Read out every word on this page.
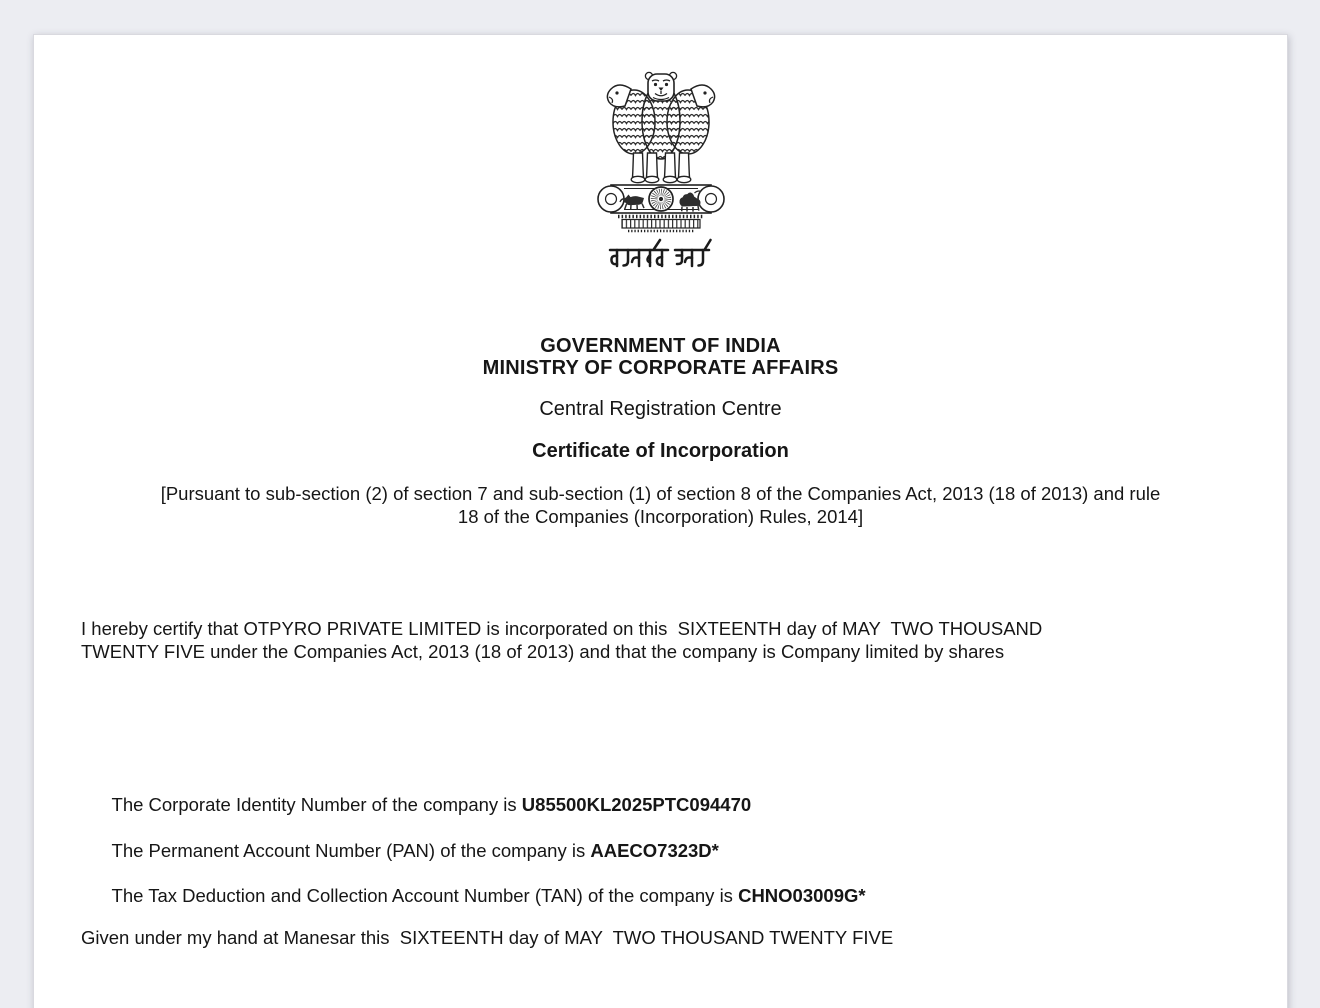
GOVERNMENT OF INDIA
MINISTRY OF CORPORATE AFFAIRS
Central Registration Centre
Certificate of Incorporation
[Pursuant to sub-section (2) of section 7 and sub-section (1) of section 8 of the Companies Act, 2013 (18 of 2013) and rule
18 of the Companies (Incorporation) Rules, 2014]
I hereby certify that OTPYRO PRIVATE LIMITED is incorporated on this  SIXTEENTH day of MAY  TWO THOUSAND
TWENTY FIVE under the Companies Act, 2013 (18 of 2013) and that the company is Company limited by shares

The Corporate Identity Number of the company is U85500KL2025PTC094470

The Permanent Account Number (PAN) of the company is AAECO7323D*

The Tax Deduction and Collection Account Number (TAN) of the company is CHNO03009G*

Given under my hand at Manesar this  SIXTEENTH day of MAY  TWO THOUSAND TWENTY FIVE
